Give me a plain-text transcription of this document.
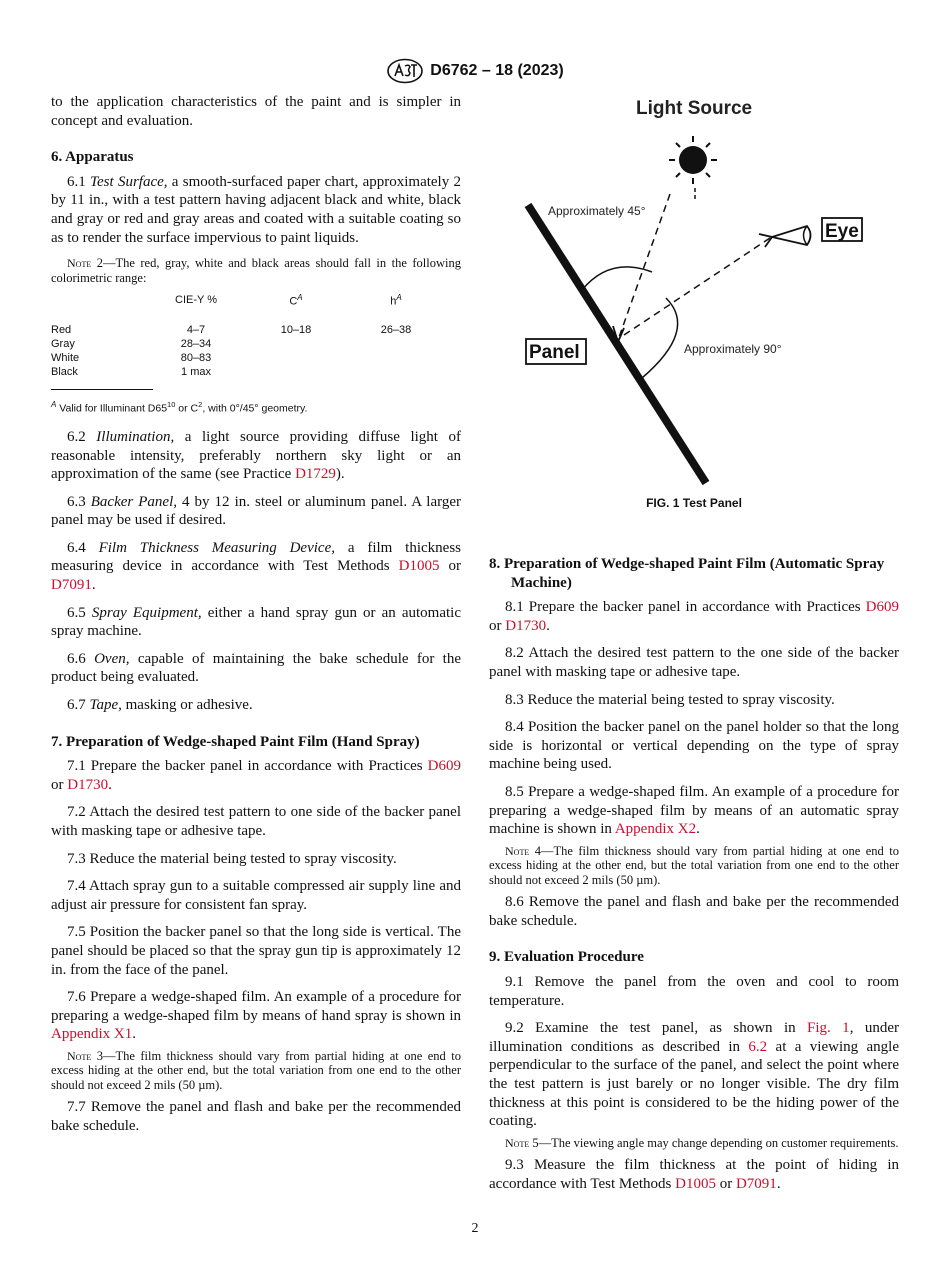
D6762 – 18 (2023)

to the application characteristics of the paint and is simpler in concept and evaluation.

6. Apparatus

6.1 Test Surface, a smooth-surfaced paper chart, approximately 2 by 11 in., with a test pattern having adjacent black and white, black and gray or red and gray areas and coated with a suitable coating so as to render the surface impervious to paint liquids.

Note 2—The red, gray, white and black areas should fall in the following colorimetric range:

	CIE-Y %	$C^A$	$h^A$
Red	4–7	10–18	26–38
Gray	28–34		
White	80–83		
Black	1 max		

$^A$ Valid for Illuminant $D65^{10}$ or $C^2$, with 0°/45° geometry.

6.2 Illumination, a light source providing diffuse light of reasonable intensity, preferably northern sky light or an approximation of the same (see Practice D1729).

6.3 Backer Panel, 4 by 12 in. steel or aluminum panel. A larger panel may be used if desired.

6.4 Film Thickness Measuring Device, a film thickness measuring device in accordance with Test Methods D1005 or D7091.

6.5 Spray Equipment, either a hand spray gun or an automatic spray machine.

6.6 Oven, capable of maintaining the bake schedule for the product being evaluated.

6.7 Tape, masking or adhesive.

7. Preparation of Wedge-shaped Paint Film (Hand Spray)

7.1 Prepare the backer panel in accordance with Practices D609 or D1730.

7.2 Attach the desired test pattern to one side of the backer panel with masking tape or adhesive tape.

7.3 Reduce the material being tested to spray viscosity.

7.4 Attach spray gun to a suitable compressed air supply line and adjust air pressure for consistent fan spray.

7.5 Position the backer panel so that the long side is vertical. The panel should be placed so that the spray gun tip is approximately 12 in. from the face of the panel.

7.6 Prepare a wedge-shaped film. An example of a procedure for preparing a wedge-shaped film by means of hand spray is shown in Appendix X1.

Note 3—The film thickness should vary from partial hiding at one end to excess hiding at the other end, but the total variation from one end to the other should not exceed 2 mils (50 µm).

7.7 Remove the panel and flash and bake per the recommended bake schedule.

Light Source
Approximately 45°
Eye
Panel	Approximately 90°
FIG. 1 Test Panel
8. Preparation of Wedge-shaped Paint Film (Automatic Spray Machine)

8.1 Prepare the backer panel in accordance with Practices D609 or D1730.

8.2 Attach the desired test pattern to the one side of the backer panel with masking tape or adhesive tape.

8.3 Reduce the material being tested to spray viscosity.

8.4 Position the backer panel on the panel holder so that the long side is horizontal or vertical depending on the type of spray machine being used.

8.5 Prepare a wedge-shaped film. An example of a procedure for preparing a wedge-shaped film by means of an automatic spray machine is shown in Appendix X2.

Note 4—The film thickness should vary from partial hiding at one end to excess hiding at the other end, but the total variation from one end to the other should not exceed 2 mils (50 µm).

8.6 Remove the panel and flash and bake per the recommended bake schedule.

9. Evaluation Procedure

9.1 Remove the panel from the oven and cool to room temperature.

9.2 Examine the test panel, as shown in Fig. 1, under illumination conditions as described in 6.2 at a viewing angle perpendicular to the surface of the panel, and select the point where the test pattern is just barely or no longer visible. The dry film thickness at this point is considered to be the hiding power of the coating.

Note 5—The viewing angle may change depending on customer requirements.

9.3 Measure the film thickness at the point of hiding in accordance with Test Methods D1005 or D7091.

2
